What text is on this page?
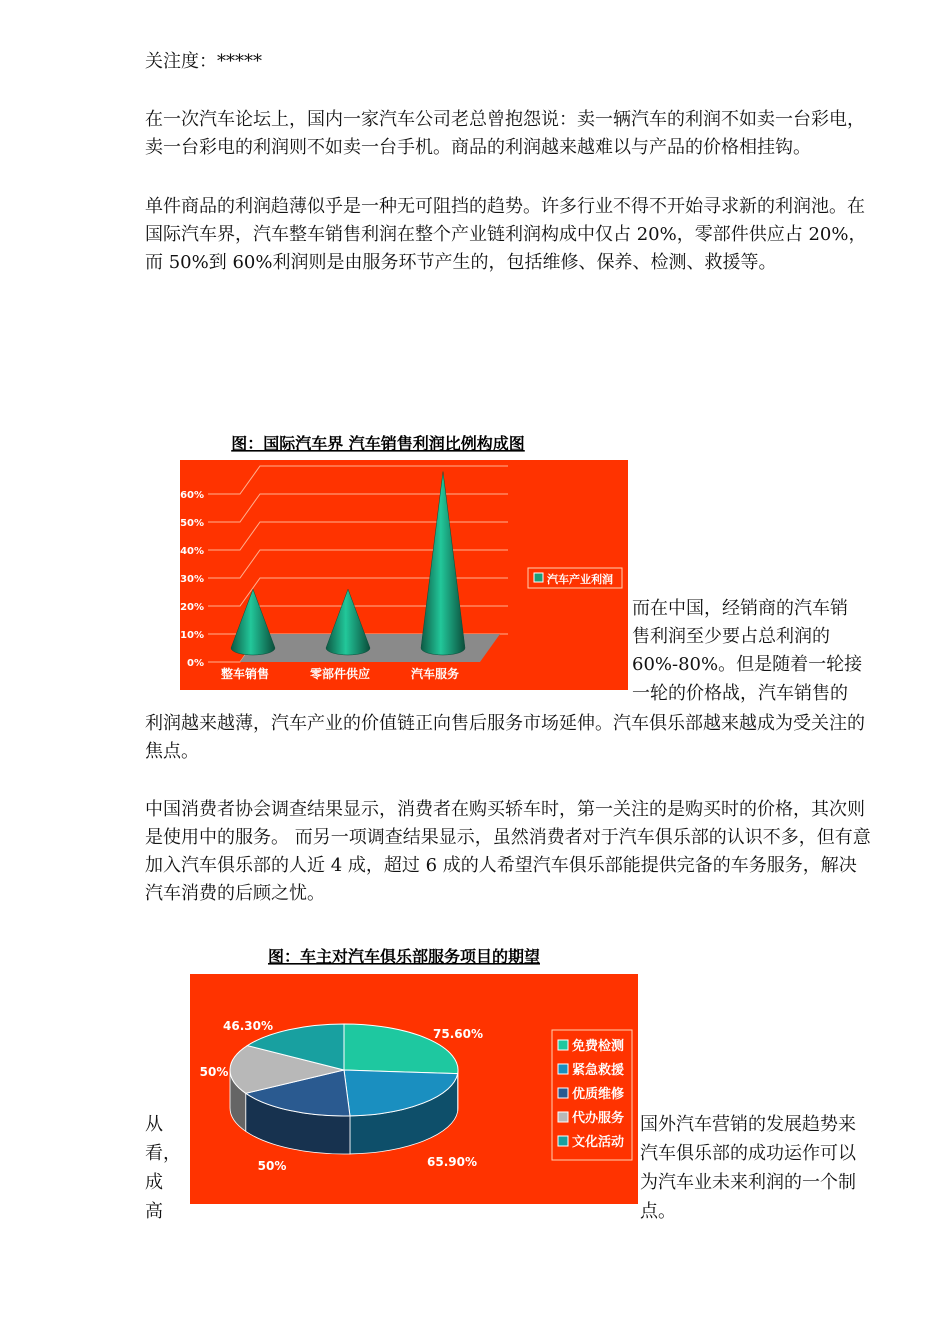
关注度：*****

在一次汽车论坛上，国内一家汽车公司老总曾抱怨说：卖一辆汽车的利润不如卖一台彩电，卖一台彩电的利润则不如卖一台手机。商品的利润越来越难以与产品的价格相挂钩。

单件商品的利润趋薄似乎是一种无可阻挡的趋势。许多行业不得不开始寻求新的利润池。在国际汽车界，汽车整车销售利润在整个产业链利润构成中仅占 20%，零部件供应占 20%，而 50%到 60%利润则是由服务环节产生的，包括维修、保养、检测、救援等。

图：国际汽车界 汽车销售利润比例构成图
0%
10%
20%
30%
40%
50%
60%
整车销售	零部件供应	汽车服务
汽车产业利润

而在中国，经销商的汽车销

售利润至少要占总利润的

60%-80%。但是随着一轮接

一轮的价格战，汽车销售的

利润越来越薄，汽车产业的价值链正向售后服务市场延伸。汽车俱乐部越来越成为受关注的焦点。

中国消费者协会调查结果显示，消费者在购买轿车时，第一关注的是购买时的价格，其次则是使用中的服务。 而另一项调查结果显示，虽然消费者对于汽车俱乐部的认识不多，但有意加入汽车俱乐部的人近 4 成，超过 6 成的人希望汽车俱乐部能提供完备的车务服务，解决汽车消费的后顾之忧。

图：车主对汽车俱乐部服务项目的期望
75.60%
65.90%
50%
50%
46.30%
免费检测
紧急救援
优质维修
代办服务
文化活动

从

看，

成

高

国外汽车营销的发展趋势来

汽车俱乐部的成功运作可以

为汽车业未来利润的一个制

点。
